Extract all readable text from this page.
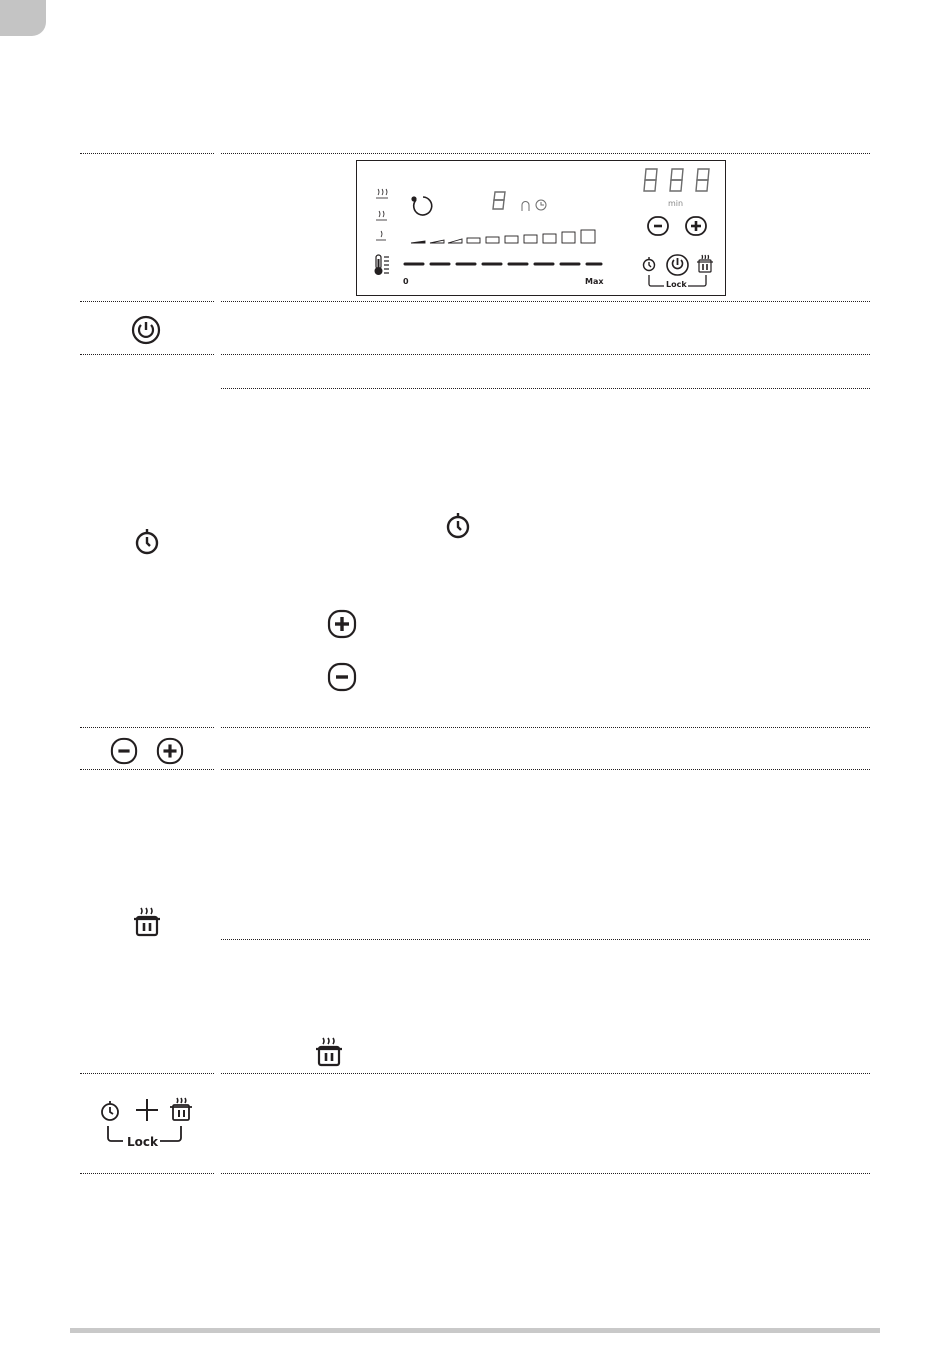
0	Max
min
Lock
Lock
